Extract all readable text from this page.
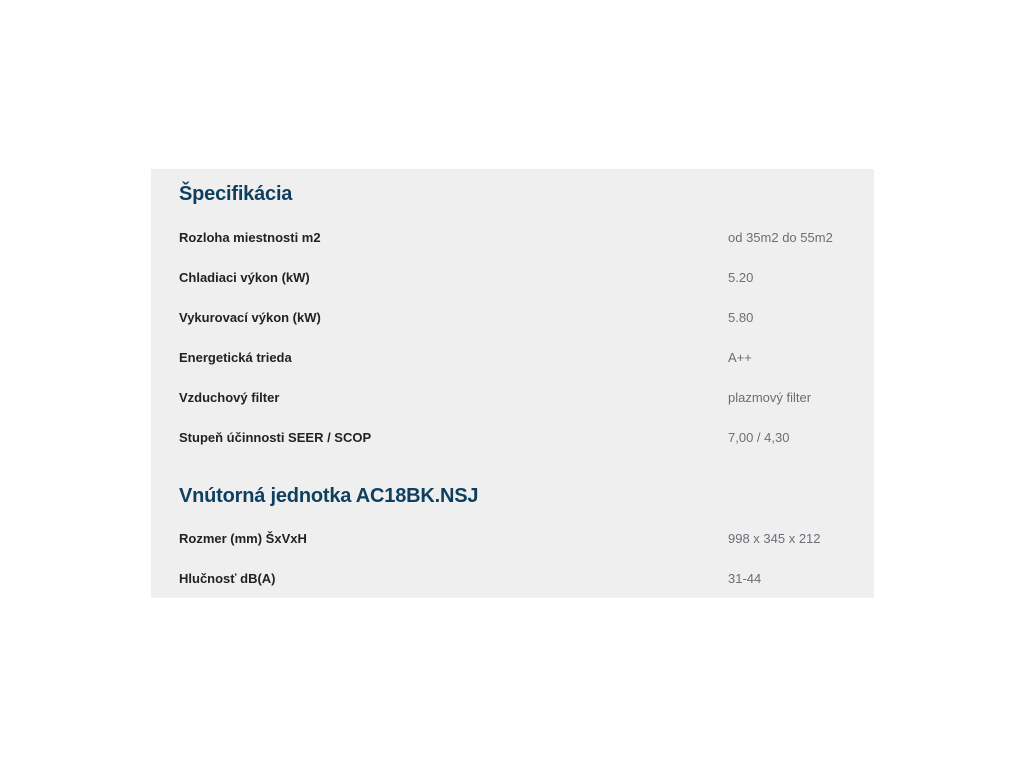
Špecifikácia
Rozloha miestnosti m2	od 35m2 do 55m2
Chladiaci výkon (kW)	5.20
Vykurovací výkon (kW)	5.80
Energetická trieda	A++
Vzduchový filter	plazmový filter
Stupeň účinnosti SEER / SCOP	7,00 / 4,30
Vnútorná jednotka AC18BK.NSJ
Rozmer (mm) ŠxVxH	998 x 345 x 212
Hlučnosť dB(A)	31-44
